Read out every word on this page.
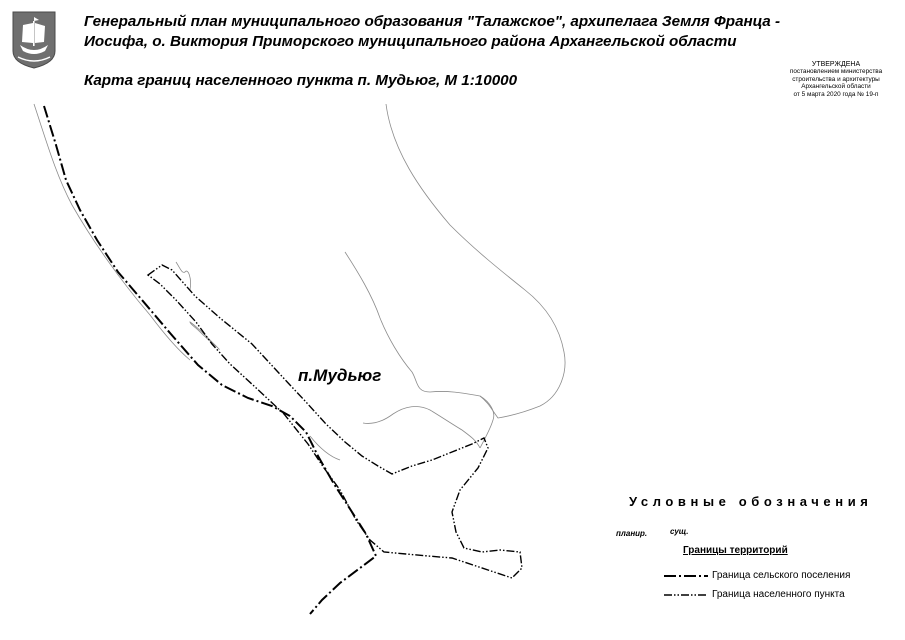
Генеральный план муниципального образования "Талажское", архипелага Земля Франца - Иосифа, о. Виктория Приморского муниципального района Архангельской области
Карта границ населенного пункта п. Мудьюг, М 1:10000
УТВЕРЖДЕНА
постановлением министерства
строительства и архитектуры
Архангельской области
от 5 марта 2020 года № 19-п
п.Мудьюг
Условные обозначения
планир.	сущ.
Границы территорий
Граница сельского поселения
Граница населенного пункта
